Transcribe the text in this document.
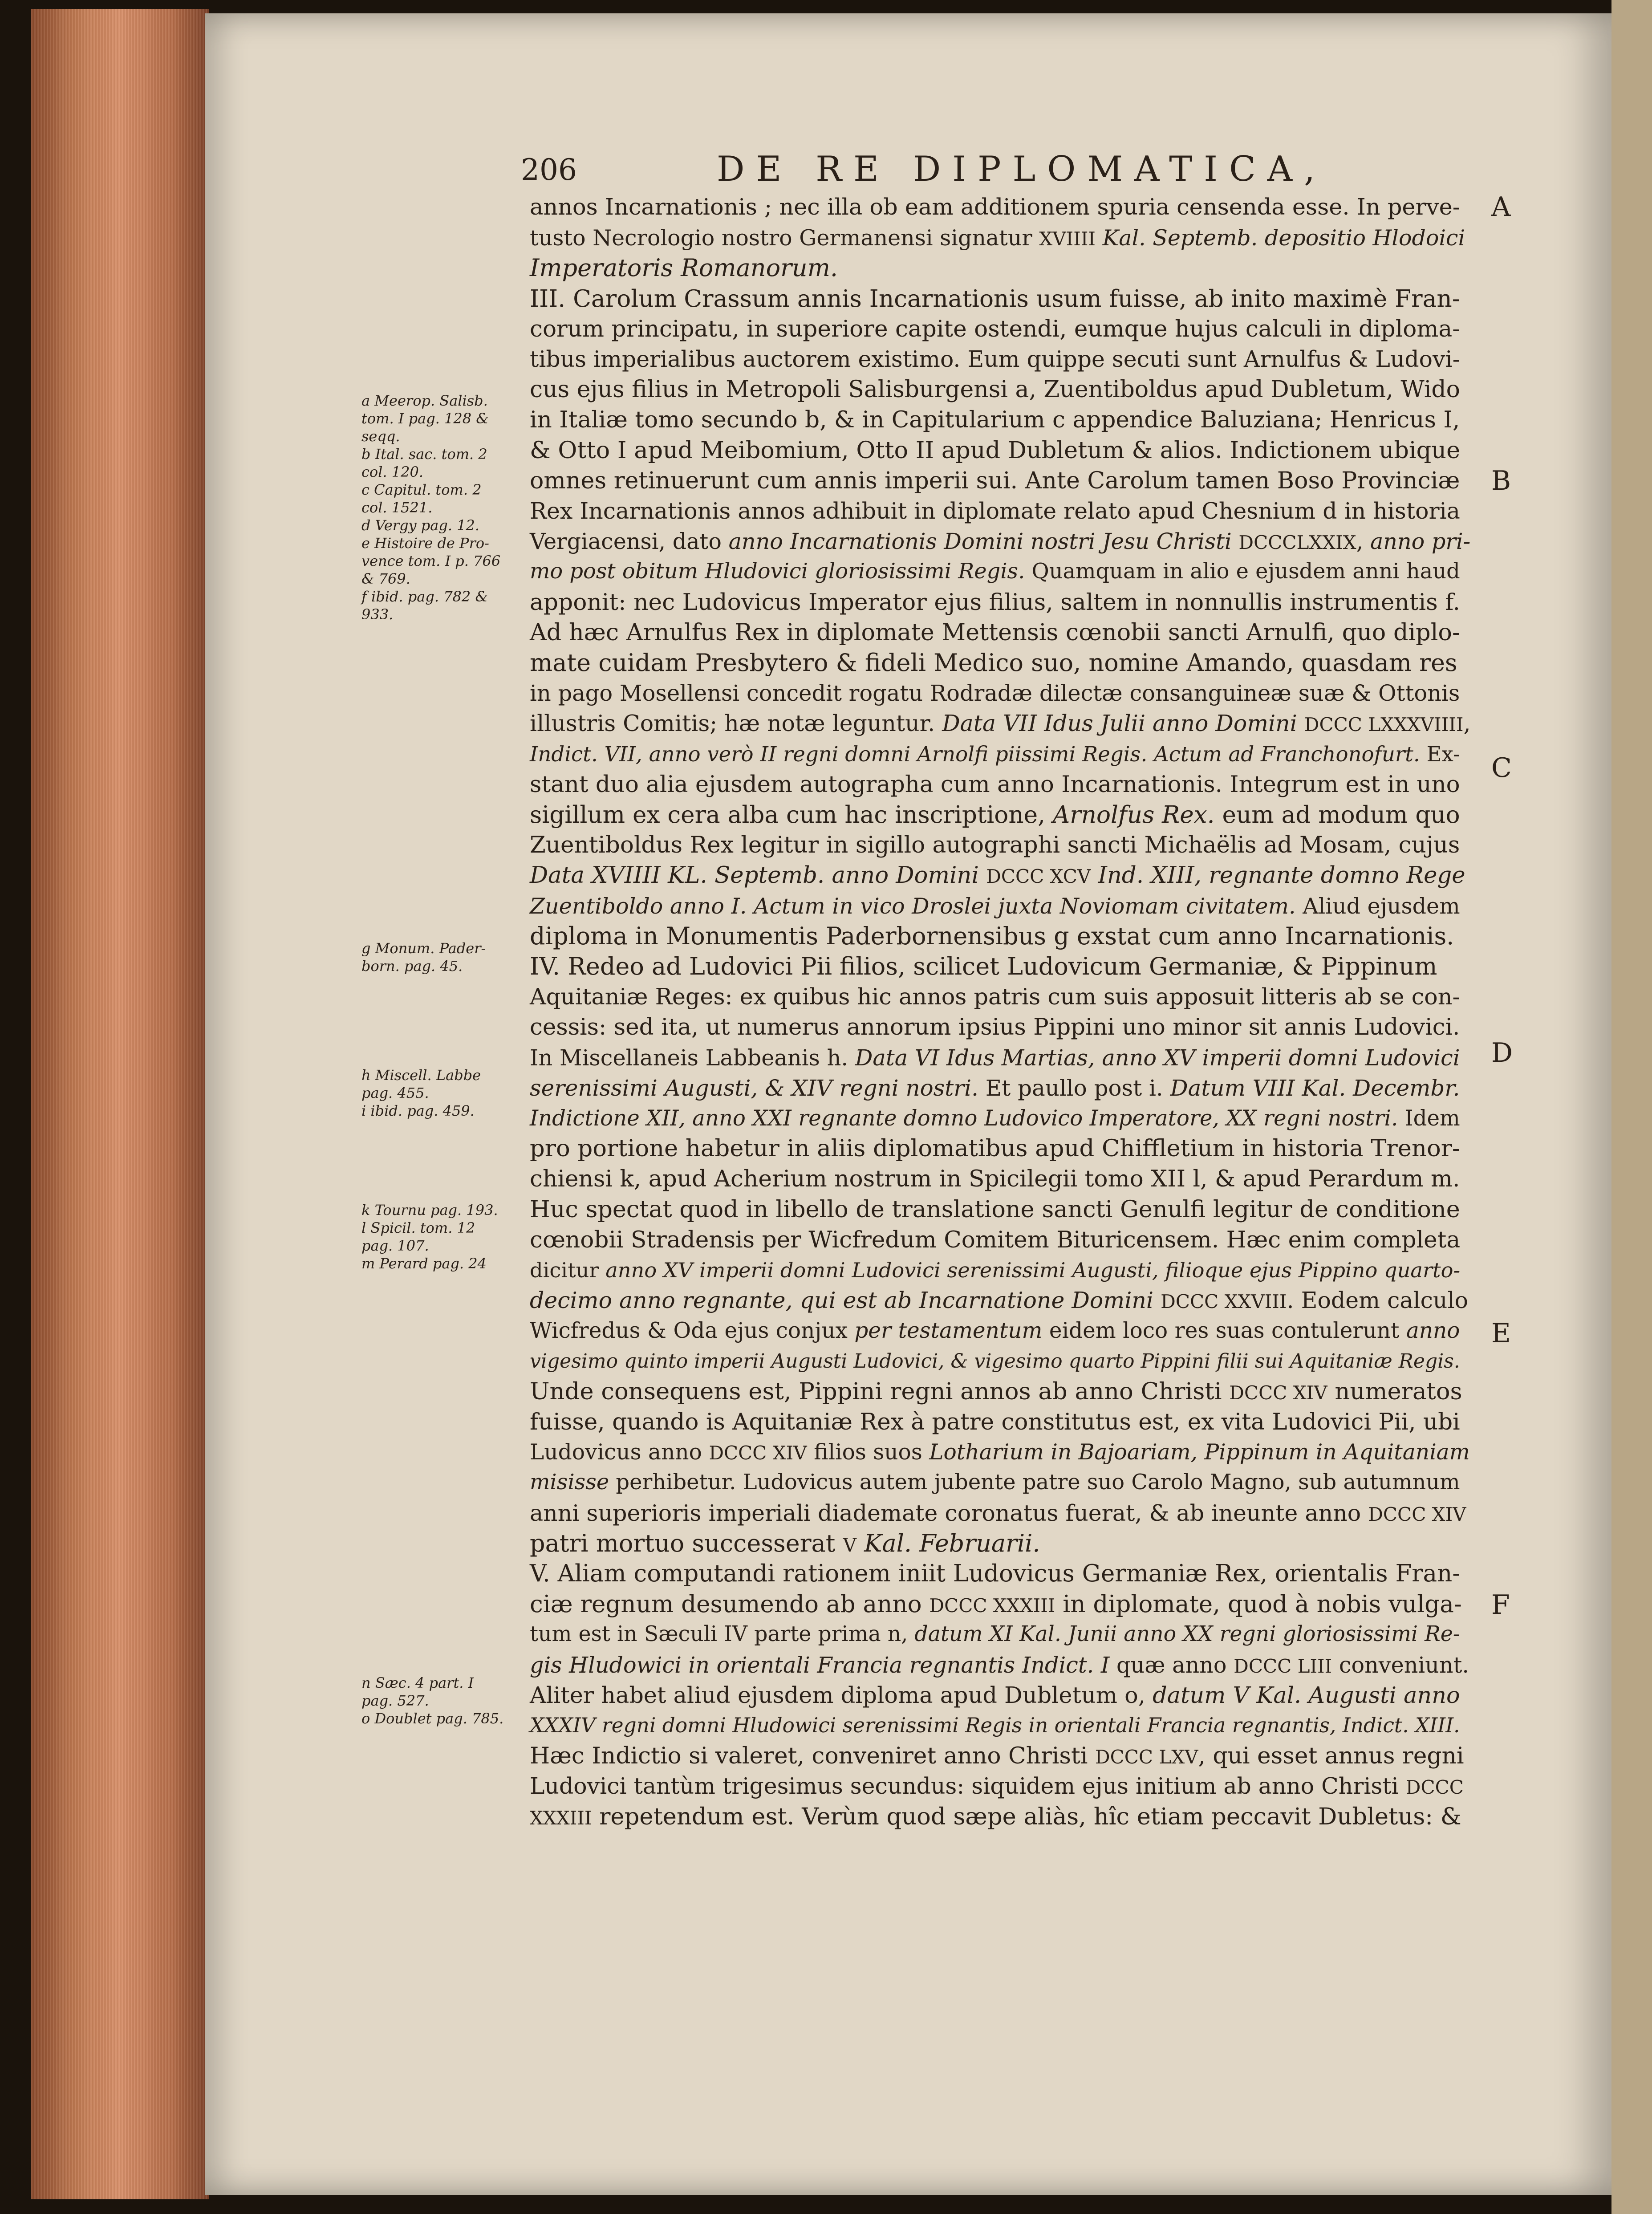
206	DE RE DIPLOMATICA,
annos Incarnationis ; nec illa ob eam additionem spuria censenda esse. In perve-
tusto Necrologio nostro Germanensi signatur XVIIII Kal. Septemb. depositio Hlodoici
Imperatoris Romanorum.
III. Carolum Crassum annis Incarnationis usum fuisse, ab inito maximè Fran-
corum principatu, in superiore capite ostendi, eumque hujus calculi in diploma-
tibus imperialibus auctorem existimo. Eum quippe secuti sunt Arnulfus & Ludovi-
cus ejus filius in Metropoli Salisburgensi a, Zuentiboldus apud Dubletum, Wido
in Italiæ tomo secundo b, & in Capitularium c appendice Baluziana; Henricus I,
& Otto I apud Meibomium, Otto II apud Dubletum & alios. Indictionem ubique
omnes retinuerunt cum annis imperii sui. Ante Carolum tamen Boso Provinciæ
Rex Incarnationis annos adhibuit in diplomate relato apud Chesnium d in historia
Vergiacensi, dato anno Incarnationis Domini nostri Jesu Christi DCCCLXXIX, anno pri-
mo post obitum Hludovici gloriosissimi Regis. Quamquam in alio e ejusdem anni haud
apponit: nec Ludovicus Imperator ejus filius, saltem in nonnullis instrumentis f.
Ad hæc Arnulfus Rex in diplomate Mettensis cœnobii sancti Arnulfi, quo diplo-
mate cuidam Presbytero & fideli Medico suo, nomine Amando, quasdam res
in pago Mosellensi concedit rogatu Rodradæ dilectæ consanguineæ suæ & Ottonis
illustris Comitis; hæ notæ leguntur. Data VII Idus Julii anno Domini DCCC LXXXVIIII,
Indict. VII, anno verò II regni domni Arnolfi piissimi Regis. Actum ad Franchonofurt. Ex-
stant duo alia ejusdem autographa cum anno Incarnationis. Integrum est in uno
sigillum ex cera alba cum hac inscriptione, Arnolfus Rex. eum ad modum quo
Zuentiboldus Rex legitur in sigillo autographi sancti Michaëlis ad Mosam, cujus
Data XVIIII KL. Septemb. anno Domini DCCC XCV Ind. XIII, regnante domno Rege
Zuentiboldo anno I. Actum in vico Droslei juxta Noviomam civitatem. Aliud ejusdem
diploma in Monumentis Paderbornensibus g exstat cum anno Incarnationis.
IV. Redeo ad Ludovici Pii filios, scilicet Ludovicum Germaniæ, & Pippinum
Aquitaniæ Reges: ex quibus hic annos patris cum suis apposuit litteris ab se con-
cessis: sed ita, ut numerus annorum ipsius Pippini uno minor sit annis Ludovici.
In Miscellaneis Labbeanis h. Data VI Idus Martias, anno XV imperii domni Ludovici
serenissimi Augusti, & XIV regni nostri. Et paullo post i. Datum VIII Kal. Decembr.
Indictione XII, anno XXI regnante domno Ludovico Imperatore, XX regni nostri. Idem
pro portione habetur in aliis diplomatibus apud Chiffletium in historia Trenor-
chiensi k, apud Acherium nostrum in Spicilegii tomo XII l, & apud Perardum m.
Huc spectat quod in libello de translatione sancti Genulfi legitur de conditione
cœnobii Stradensis per Wicfredum Comitem Bituricensem. Hæc enim completa
dicitur anno XV imperii domni Ludovici serenissimi Augusti, filioque ejus Pippino quarto-
decimo anno regnante, qui est ab Incarnatione Domini DCCC XXVIII. Eodem calculo
Wicfredus & Oda ejus conjux per testamentum eidem loco res suas contulerunt anno
vigesimo quinto imperii Augusti Ludovici, & vigesimo quarto Pippini filii sui Aquitaniæ Regis.
Unde consequens est, Pippini regni annos ab anno Christi DCCC XIV numeratos
fuisse, quando is Aquitaniæ Rex à patre constitutus est, ex vita Ludovici Pii, ubi
Ludovicus anno DCCC XIV filios suos Lotharium in Bajoariam, Pippinum in Aquitaniam
misisse perhibetur. Ludovicus autem jubente patre suo Carolo Magno, sub autumnum
anni superioris imperiali diademate coronatus fuerat, & ab ineunte anno DCCC XIV
patri mortuo successerat V Kal. Februarii.
V. Aliam computandi rationem iniit Ludovicus Germaniæ Rex, orientalis Fran-
ciæ regnum desumendo ab anno DCCC XXXIII in diplomate, quod à nobis vulga-
tum est in Sæculi IV parte prima n, datum XI Kal. Junii anno XX regni gloriosissimi Re-
gis Hludowici in orientali Francia regnantis Indict. I quæ anno DCCC LIII conveniunt.
Aliter habet aliud ejusdem diploma apud Dubletum o, datum V Kal. Augusti anno
XXXIV regni domni Hludowici serenissimi Regis in orientali Francia regnantis, Indict. XIII.
Hæc Indictio si valeret, conveniret anno Christi DCCC LXV, qui esset annus regni
Ludovici tantùm trigesimus secundus: siquidem ejus initium ab anno Christi DCCC
XXXIII repetendum est. Verùm quod sæpe aliàs, hîc etiam peccavit Dubletus: &
a Meerop. Salisb.
tom. I pag. 128 &
seqq.
b Ital. sac. tom. 2
col. 120.
c Capitul. tom. 2
col. 1521.
d Vergy pag. 12.
e Histoire de Pro-
vence tom. I p. 766
& 769.
f ibid. pag. 782 &
933.
g Monum. Pader-
born. pag. 45.
h Miscell. Labbe
pag. 455.
i ibid. pag. 459.
k Tournu pag. 193.
l Spicil. tom. 12
pag. 107.
m Perard pag. 24
n Sæc. 4 part. I
pag. 527.
o Doublet pag. 785.
A
B
C
D
E
F
